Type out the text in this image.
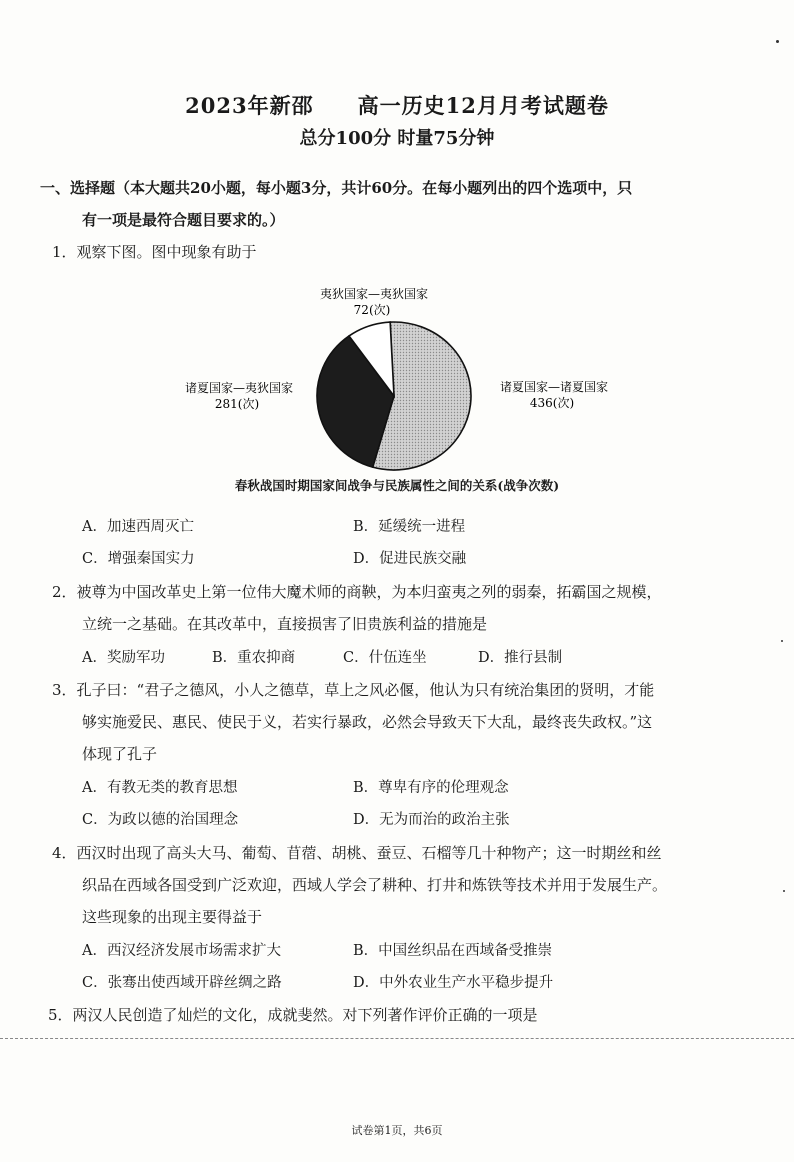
2023年新邵 高一历史12月月考试题卷
总分100分 时量75分钟
一、选择题（本大题共20小题，每小题3分，共计60分。在每小题列出的四个选项中，只
有一项是最符合题目要求的。）
1．观察下图。图中现象有助于
夷狄国家—夷狄国家
72(次)
诸夏国家—夷狄国家
281(次)
诸夏国家—诸夏国家
436(次)
春秋战国时期国家间战争与民族属性之间的关系(战争次数)
A．加速西周灭亡	B．延缓统一进程
C．增强秦国实力	D．促进民族交融
2．被尊为中国改革史上第一位伟大魔术师的商鞅，为本归蛮夷之列的弱秦，拓霸国之规模，
立统一之基础。在其改革中，直接损害了旧贵族利益的措施是
A．奖励军功	B．重农抑商	C．什伍连坐	D．推行县制
3．孔子曰：“君子之德风，小人之德草，草上之风必偃，他认为只有统治集团的贤明，才能
够实施爱民、惠民、使民于义，若实行暴政，必然会导致天下大乱，最终丧失政权。”这
体现了孔子
A．有教无类的教育思想	B．尊卑有序的伦理观念
C．为政以德的治国理念	D．无为而治的政治主张
4．西汉时出现了高头大马、葡萄、苜蓿、胡桃、蚕豆、石榴等几十种物产；这一时期丝和丝
织品在西域各国受到广泛欢迎，西域人学会了耕种、打井和炼铁等技术并用于发展生产。
这些现象的出现主要得益于
A．西汉经济发展市场需求扩大	B．中国丝织品在西域备受推崇
C．张骞出使西域开辟丝绸之路	D．中外农业生产水平稳步提升
5．两汉人民创造了灿烂的文化，成就斐然。对下列著作评价正确的一项是
试卷第1页，共6页
